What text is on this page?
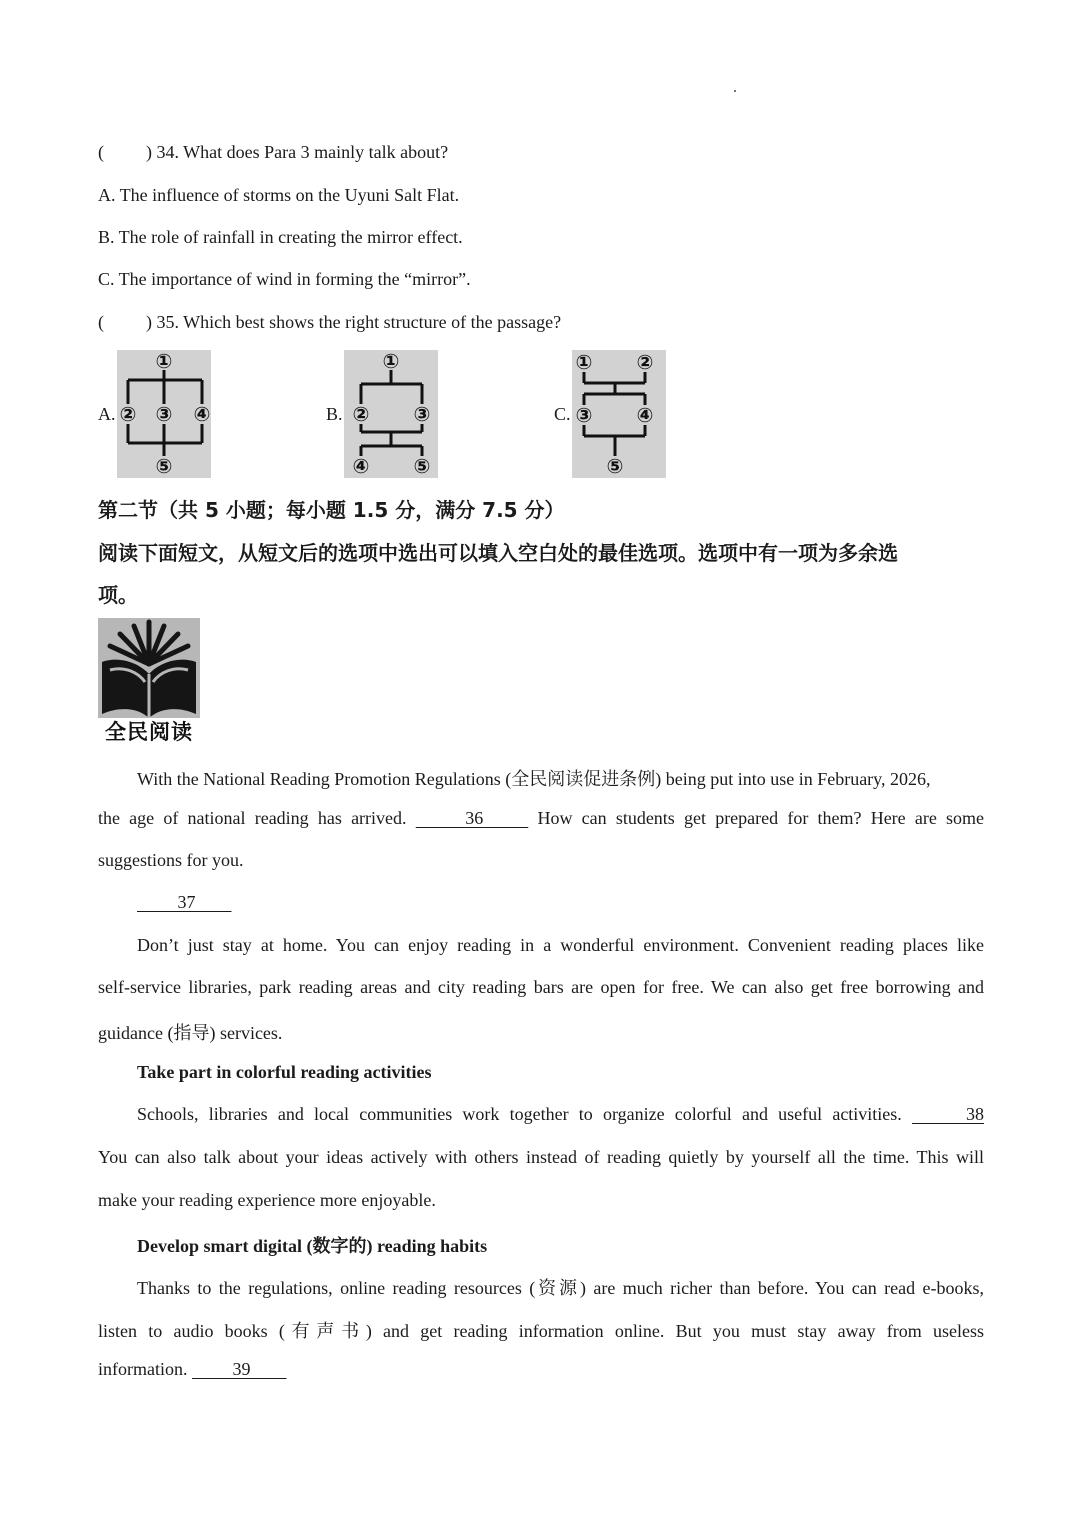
( ) 34. What does Para 3 mainly talk about?
A. The influence of storms on the Uyuni Salt Flat.
B. The role of rainfall in creating the mirror effect.
C. The importance of wind in forming the “mirror”.
( ) 35. Which best shows the right structure of the passage?
A.
①
② ③ ④
⑤
B.
①
② ③
④ ⑤
C.
① ②
③ ④
⑤
第二节（共 5 小题；每小题 1.5 分，满分 7.5 分）
阅读下面短文，从短文后的选项中选出可以填入空白处的最佳选项。选项中有一项为多余选
项。
全民阅读
With the National Reading Promotion Regulations (全民阅读促进条例) being put into use in February, 2026,
the age of national reading has arrived.	36	How can students get prepared for them? Here are some
suggestions for you.
37
Don’t just stay at home. You can enjoy reading in a wonderful environment. Convenient reading places like
self-service libraries, park reading areas and city reading bars are open for free. We can also get free borrowing and
guidance (指导) services.
Take part in colorful reading activities
Schools, libraries and local communities work together to organize colorful and useful activities.	38
You can also talk about your ideas actively with others instead of reading quietly by yourself all the time. This will
make your reading experience more enjoyable.
Develop smart digital (数字的) reading habits
Thanks to the regulations, online reading resources (资源) are much richer than before. You can read e-books,
listen to audio books (有声书) and get reading information online. But you must stay away from useless
information.	39
